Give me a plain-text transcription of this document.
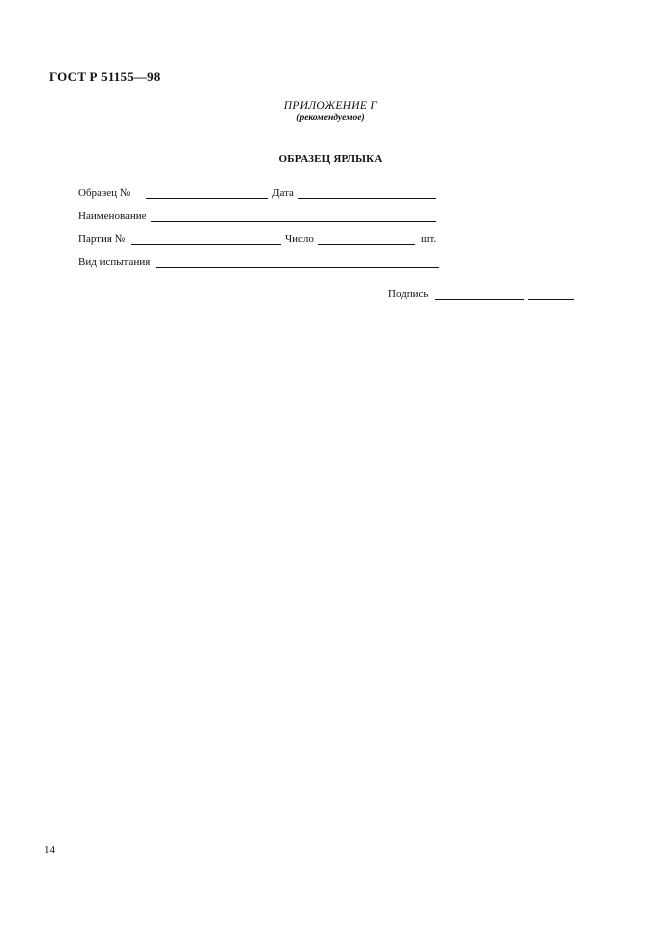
ГОСТ Р 51155—98
ПРИЛОЖЕНИЕ Г
(рекомендуемое)
ОБРАЗЕЦ ЯРЛЫКА
Образец №	Дата
Наименование
Партия №	Число	шт.
Вид испытания
Подпись
14
